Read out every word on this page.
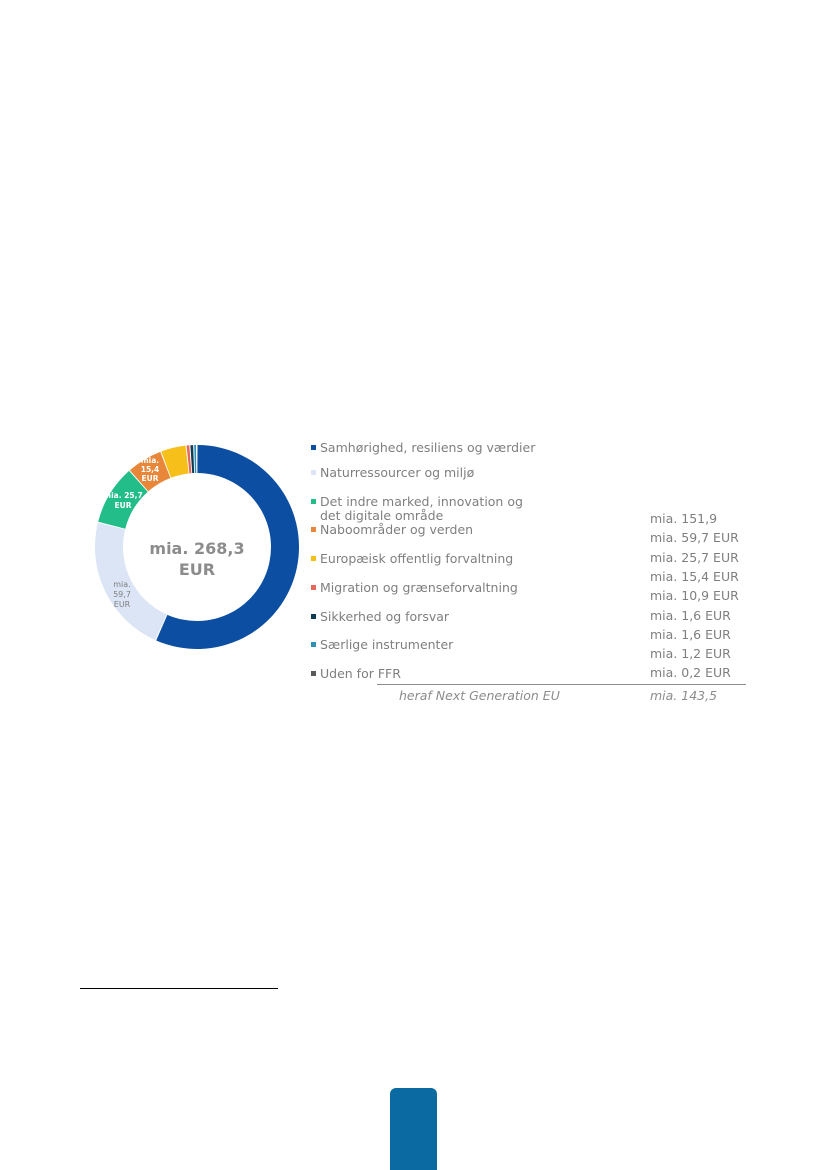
mia. 268,3
EUR
mia.
59,7
EUR
mia. 25,7
EUR
mia.
15,4
EUR
Samhørighed, resiliens og værdier
Naturressourcer og miljø
Det indre marked, innovation og det digitale område
Naboområder og verden
Europæisk offentlig forvaltning
Migration og grænseforvaltning
Sikkerhed og forsvar
Særlige instrumenter
Uden for FFR
mia. 151,9
mia. 59,7 EUR
mia. 25,7 EUR
mia. 15,4 EUR
mia. 10,9 EUR
mia. 1,6 EUR
mia. 1,6 EUR
mia. 1,2 EUR
mia. 0,2 EUR
heraf Next Generation EU	mia. 143,5
